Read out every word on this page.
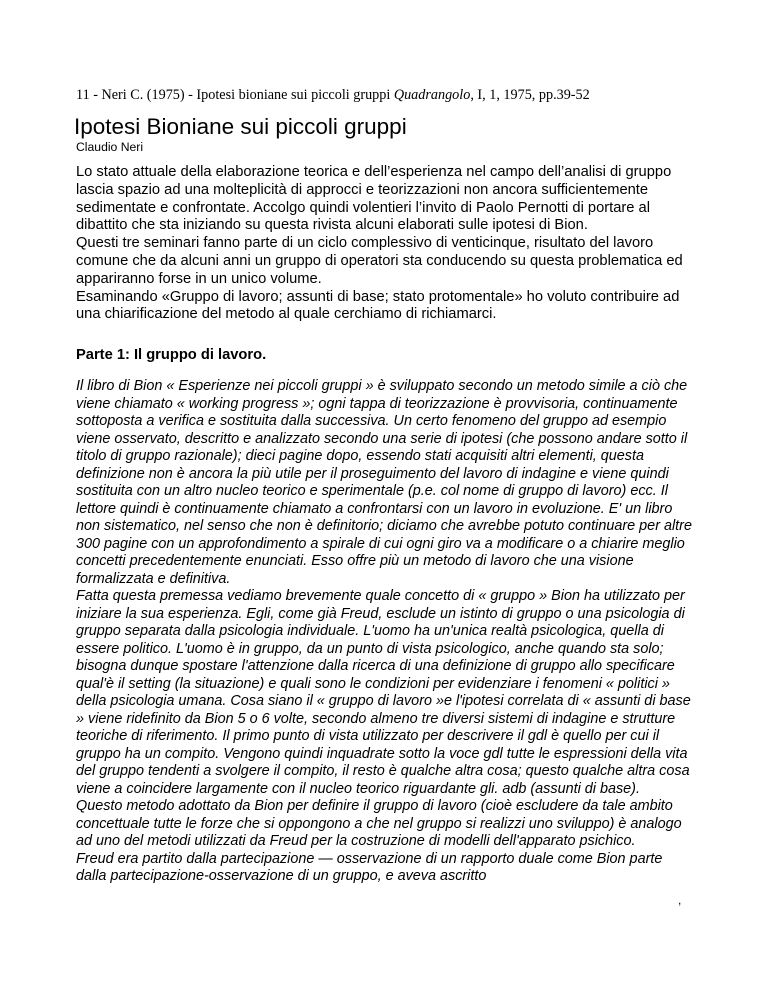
11 - Neri C. (1975) - Ipotesi bioniane sui piccoli gruppi Quadrangolo, I, 1, 1975, pp.39-52
Ipotesi Bioniane sui piccoli gruppi
Claudio Neri

Lo stato attuale della elaborazione teorica e dell’esperienza nel campo dell’analisi di gruppo lascia spazio ad una molteplicità di approcci e teorizzazioni non ancora sufficientemente sedimentate e confrontate. Accolgo quindi volentieri l’invito di Paolo Pernotti di portare al dibattito che sta iniziando su questa rivista alcuni elaborati sulle ipotesi di Bion.

Questi tre seminari fanno parte di un ciclo complessivo di venticinque, risultato del lavoro comune che da alcuni anni un gruppo di operatori sta conducendo su questa problematica ed appariranno forse in un unico volume.

Esaminando «Gruppo di lavoro; assunti di base; stato protomentale» ho voluto contribuire ad una chiarificazione del metodo al quale cerchiamo di richiamarci.

Parte 1: Il gruppo di lavoro.

Il libro di Bion « Esperienze nei piccoli gruppi » è sviluppato secondo un metodo simile a ciò che viene chiamato « working progress »; ogni tappa di teorizzazione è provvisoria, continuamente sottoposta a verifica e sostituita dalla successiva. Un certo fenomeno del gruppo ad esempio viene osservato, descritto e analizzato secondo una serie di ipotesi (che possono andare sotto il titolo di gruppo razionale); dieci pagine dopo, essendo stati acquisiti altri elementi, questa definizione non è ancora la più utile per il proseguimento del lavoro di indagine e viene quindi sostituita con un altro nucleo teorico e sperimentale (p.e. col nome di gruppo di lavoro) ecc. Il lettore quindi è continuamente chiamato a confrontarsi con un lavoro in evoluzione. E' un libro non sistematico, nel senso che non è definitorio; diciamo che avrebbe potuto continuare per altre 300 pagine con un approfondimento a spirale di cui ogni giro va a modificare o a chiarire meglio concetti precedentemente enunciati. Esso offre più un metodo di lavoro che una visione formalizzata e definitiva.

Fatta questa premessa vediamo brevemente quale concetto di « gruppo » Bion ha utilizzato per iniziare la sua esperienza. Egli, come già Freud, esclude un istinto di gruppo o una psicologia di gruppo separata dalla psicologia individuale. L'uomo ha un'unica realtà psicologica, quella di essere politico. L'uomo è in gruppo, da un punto di vista psicologico, anche quando sta solo; bisogna dunque spostare l'attenzione dalla ricerca di una definizione di gruppo allo specificare qual'è il setting (la situazione) e quali sono le condizioni per evidenziare i fenomeni « politici » della psicologia umana. Cosa siano il « gruppo di lavoro »e l'ipotesi correlata di « assunti di base » viene ridefinito da Bion 5 o 6 volte, secondo almeno tre diversi sistemi di indagine e strutture teoriche di riferimento. Il primo punto di vista utilizzato per descrivere il gdl è quello per cui il gruppo ha un compito. Vengono quindi inquadrate sotto la voce gdl tutte le espressioni della vita del gruppo tendenti a svolgere il compito, il resto è qualche altra cosa; questo qualche altra cosa viene a coincidere largamente con il nucleo teorico riguardante gli. adb (assunti di base).

Questo metodo adottato da Bion per definire il gruppo di lavoro (cioè escludere da tale ambito concettuale tutte le forze che si oppongono a che nel gruppo si realizzi uno sviluppo) è analogo ad uno del metodi utilizzati da Freud per la costruzione di modelli dell'apparato psichico.

Freud era partito dalla partecipazione — osservazione di un rapporto duale come Bion parte dalla partecipazione-osservazione di un gruppo, e aveva ascritto

,
